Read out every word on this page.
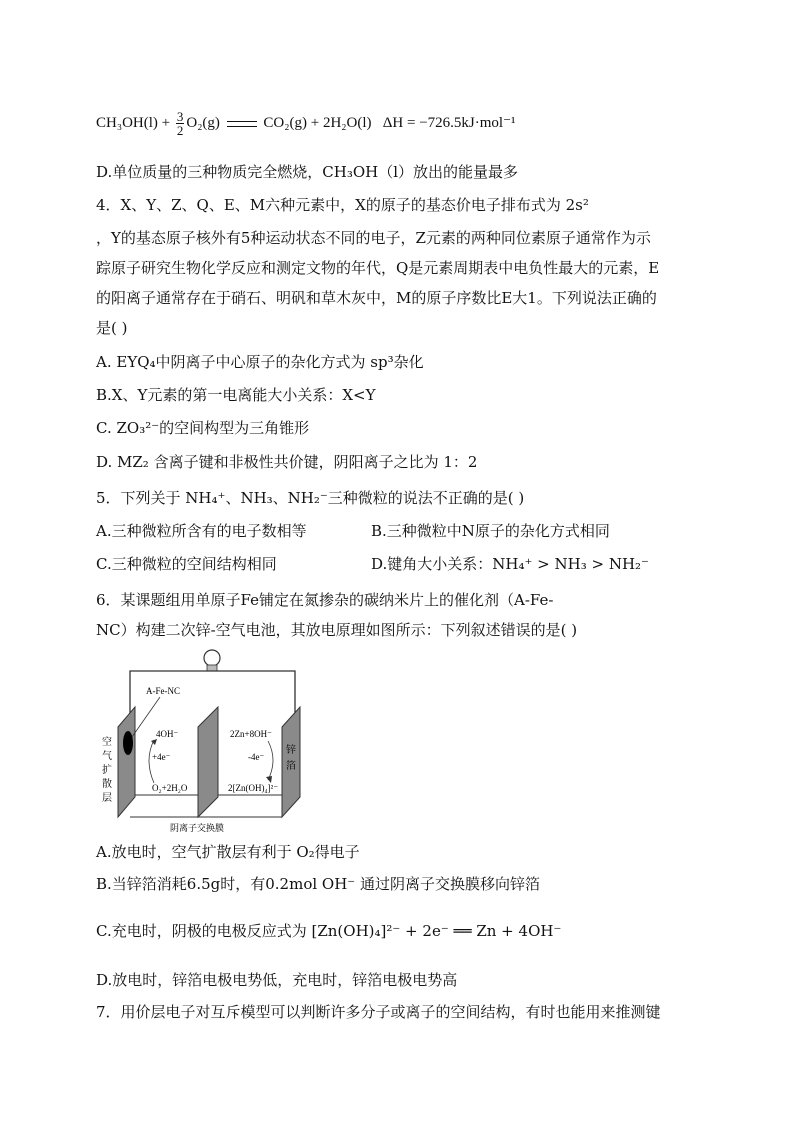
$CH_3OH(l) + \frac{3}{2} O_2(g)$	CO₂(g) + 2H₂O(l) ΔH = −726.5kJ·mol⁻¹
D.单位质量的三种物质完全燃烧，CH₃OH（l）放出的能量最多
4．X、Y、Z、Q、E、M六种元素中，X的原子的基态价电子排布式为 2s²
，Y的基态原子核外有5种运动状态不同的电子，Z元素的两种同位素原子通常作为示
踪原子研究生物化学反应和测定文物的年代，Q是元素周期表中电负性最大的元素，E
的阳离子通常存在于硝石、明矾和草木灰中，M的原子序数比E大1。下列说法正确的
是( )
A. EYQ₄中阴离子中心原子的杂化方式为 sp³杂化
B.X、Y元素的第一电离能大小关系：X<Y
C. ZO₃²⁻的空间构型为三角锥形
D. MZ₂ 含离子键和非极性共价键，阴阳离子之比为 1：2
5．下列关于 NH₄⁺、NH₃、NH₂⁻三种微粒的说法不正确的是( )
A.三种微粒所含有的电子数相等	B.三种微粒中N原子的杂化方式相同
C.三种微粒的空间结构相同	D.键角大小关系：NH₄⁺ > NH₃ > NH₂⁻
6．某课题组用单原子Fe铺定在氮掺杂的碳纳米片上的催化剂（A-Fe-
NC）构建二次锌-空气电池，其放电原理如图所示：下列叙述错误的是( )
A-Fe-NC
4OH⁻
+4e⁻
O₂+2H₂O
2Zn+8OH⁻
-4e⁻
2[Zn(OH)₄]²⁻
空
气
扩
散
层
锌
箔
阴离子交换膜
A.放电时，空气扩散层有利于 O₂得电子
B.当锌箔消耗6.5g时，有0.2mol OH⁻ 通过阴离子交换膜移向锌箔
C.充电时，阴极的电极反应式为 [Zn(OH)₄]²⁻ + 2e⁻ ══ Zn + 4OH⁻
D.放电时，锌箔电极电势低，充电时，锌箔电极电势高
7．用价层电子对互斥模型可以判断许多分子或离子的空间结构，有时也能用来推测键
